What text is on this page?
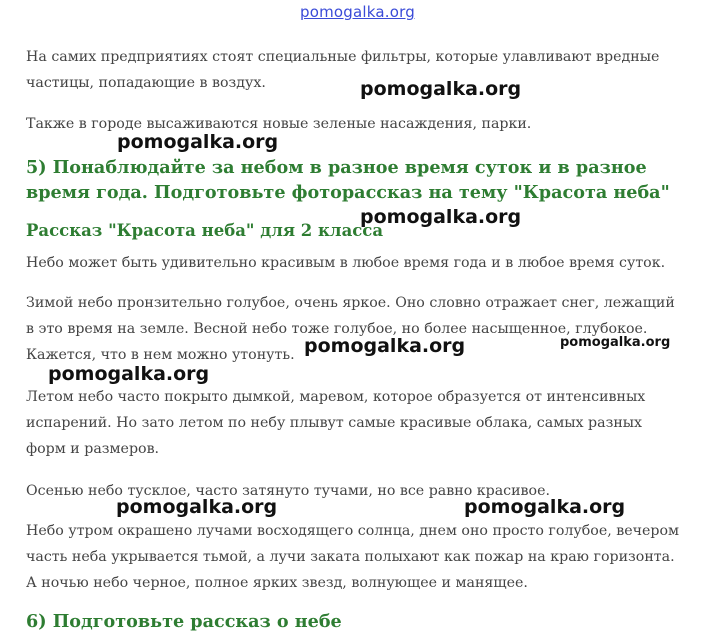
pomogalka.org

На самих предприятиях стоят специальные фильтры, которые улавливают вредные частицы, попадающие в воздух.

Также в городе высаживаются новые зеленые насаждения, парки.

5) Понаблюдайте за небом в разное время суток и в разное время года. Подготовьте фоторассказ на тему "Красота неба"
Рассказ "Красота неба" для 2 класса

Небо может быть удивительно красивым в любое время года и в любое время суток.

Зимой небо пронзительно голубое, очень яркое. Оно словно отражает снег, лежащий в это время на земле. Весной небо тоже голубое, но более насыщенное, глубокое. Кажется, что в нем можно утонуть.

Летом небо часто покрыто дымкой, маревом, которое образуется от интенсивных испарений. Но зато летом по небу плывут самые красивые облака, самых разных форм и размеров.

Осенью небо тусклое, часто затянуто тучами, но все равно красивое.

Небо утром окрашено лучами восходящего солнца, днем оно просто голубое, вечером часть неба укрывается тьмой, а лучи заката полыхают как пожар на краю горизонта. А ночью небо черное, полное ярких звезд, волнующее и манящее.

6) Подготовьте рассказ о небе
pomogalka.org
pomogalka.org
pomogalka.org
pomogalka.org	pomogalka.org
pomogalka.org
pomogalka.org	pomogalka.org
